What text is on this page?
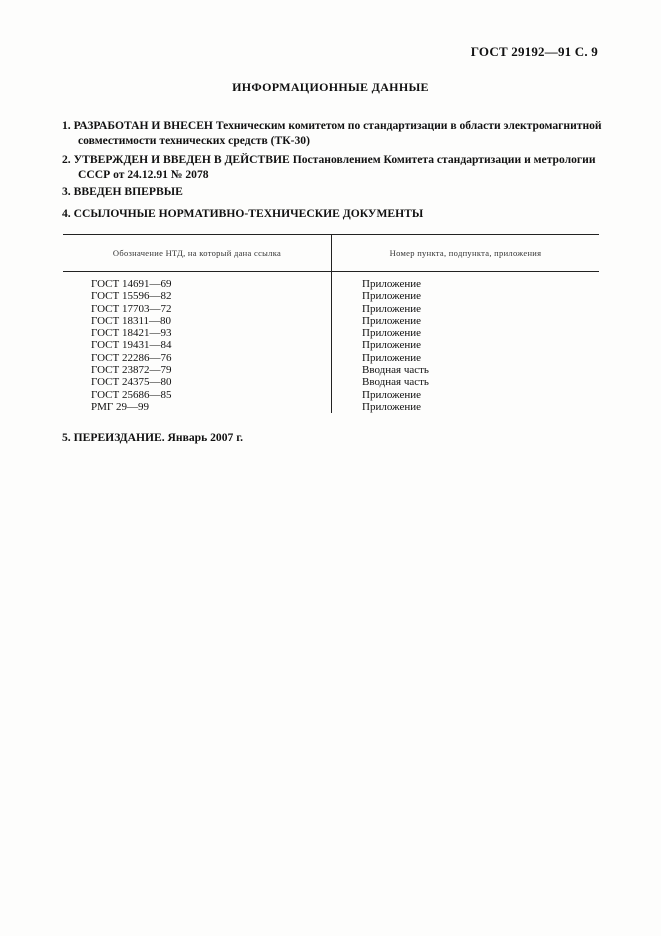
ГОСТ 29192—91 С. 9
ИНФОРМАЦИОННЫЕ ДАННЫЕ
1. РАЗРАБОТАН И ВНЕСЕН Техническим комитетом по стандартизации в области электромагнитной
совместимости технических средств (ТК-30)
2. УТВЕРЖДЕН И ВВЕДЕН В ДЕЙСТВИЕ Постановлением Комитета стандартизации и метрологии
СССР от 24.12.91 № 2078
3. ВВЕДЕН ВПЕРВЫЕ
4. ССЫЛОЧНЫЕ НОРМАТИВНО-ТЕХНИЧЕСКИЕ ДОКУМЕНТЫ
Обозначение НТД, на который дана ссылка	Номер пункта, подпункта, приложения
ГОСТ 14691—69	Приложение
ГОСТ 15596—82	Приложение
ГОСТ 17703—72	Приложение
ГОСТ 18311—80	Приложение
ГОСТ 18421—93	Приложение
ГОСТ 19431—84	Приложение
ГОСТ 22286—76	Приложение
ГОСТ 23872—79	Вводная часть
ГОСТ 24375—80	Вводная часть
ГОСТ 25686—85	Приложение
РМГ 29—99	Приложение
5. ПЕРЕИЗДАНИЕ. Январь 2007 г.
